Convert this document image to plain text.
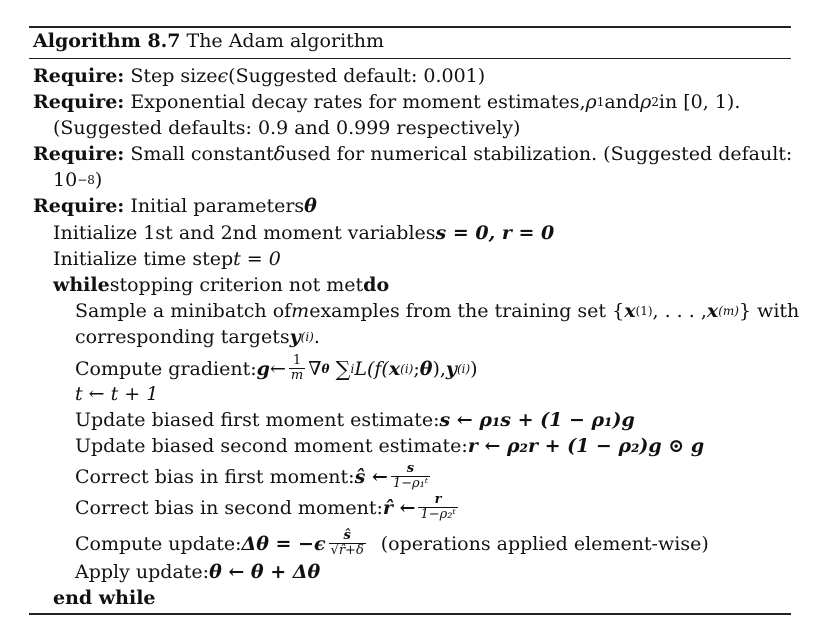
Algorithm 8.7 The Adam algorithm
Require: Step size ϵ (Suggested default: 0.001)
Require: Exponential decay rates for moment estimates, ρ 1 and ρ 2 in [0, 1).
(Suggested defaults: 0.9 and 0.999 respectively)
Require: Small constant δ used for numerical stabilization. (Suggested default:
10 −8 )
Require: Initial parameters θ
Initialize 1st and 2nd moment variables s = 0, r = 0
Initialize time step t = 0
while stopping criterion not met do
Sample a minibatch of m examples from the training set { x (1) , . . . , x (m) } with
corresponding targets y (i) .
Compute gradient: g ← $\frac{1}{m}$ ∇ θ ∑ i L(f( x (i) ; θ ), y (i) )
t ← t + 1
Update biased first moment estimate: s ← ρ₁s + (1 − ρ₁)g
Update biased second moment estimate: r ← ρ₂r + (1 − ρ₂)g ⊙ g
Correct bias in first moment: ŝ ← $\frac{s}{\text{1−ρ₁ᵗ}}$
Correct bias in second moment: r̂ ← $\frac{r}{\text{1−ρ₂ᵗ}}$
Compute update: $\Delta\theta = -\epsilon \frac{ŝ}{√r̂+\delta}$ (operations applied element-wise)
Apply update: θ ← θ + Δθ
end while
